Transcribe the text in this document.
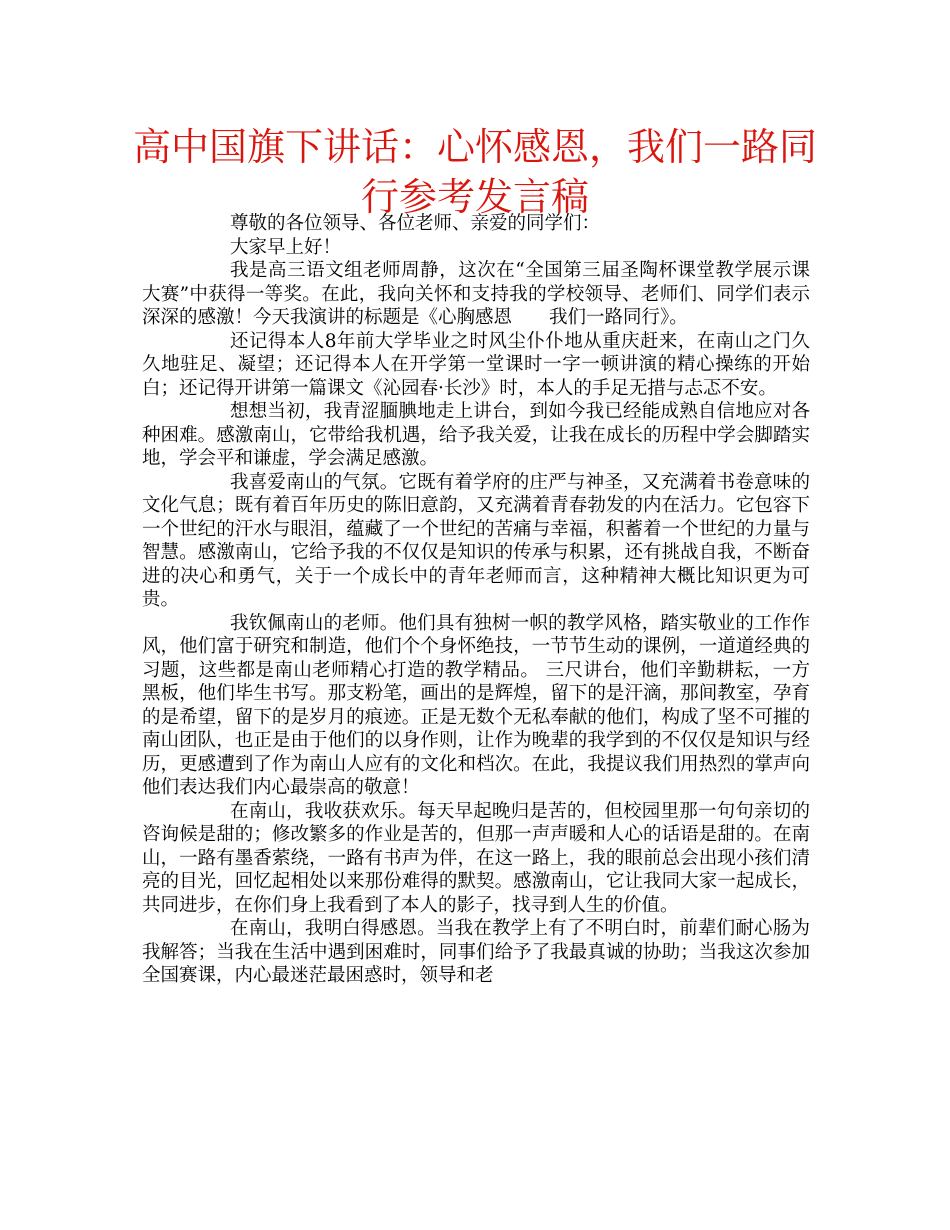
高中国旗下讲话：心怀感恩，我们一路同行参考发言稿

尊敬的各位领导、各位老师、亲爱的同学们：

大家早上好！

我是高三语文组老师周静，这次在“全国第三届圣陶杯课堂教学展示课大赛”中获得一等奖。在此，我向关怀和支持我的学校领导、老师们、同学们表示深深的感激！今天我演讲的标题是《心胸感恩　　我们一路同行》。

还记得本人8年前大学毕业之时风尘仆仆地从重庆赶来，在南山之门久久地驻足、凝望；还记得本人在开学第一堂课时一字一顿讲演的精心操练的开始白；还记得开讲第一篇课文《沁园春·长沙》时，本人的手足无措与忐忑不安。

想想当初，我青涩腼腆地走上讲台，到如今我已经能成熟自信地应对各种困难。感激南山，它带给我机遇，给予我关爱，让我在成长的历程中学会脚踏实地，学会平和谦虚，学会满足感激。

我喜爱南山的气氛。它既有着学府的庄严与神圣，又充满着书卷意味的文化气息；既有着百年历史的陈旧意韵，又充满着青春勃发的内在活力。它包容下一个世纪的汗水与眼泪，蕴藏了一个世纪的苦痛与幸福，积蓄着一个世纪的力量与智慧。感激南山，它给予我的不仅仅是知识的传承与积累，还有挑战自我，不断奋进的决心和勇气，关于一个成长中的青年老师而言，这种精神大概比知识更为可贵。

我钦佩南山的老师。他们具有独树一帜的教学风格，踏实敬业的工作作风，他们富于研究和制造，他们个个身怀绝技，一节节生动的课例，一道道经典的习题，这些都是南山老师精心打造的教学精品。 三尺讲台，他们辛勤耕耘，一方黑板，他们毕生书写。那支粉笔，画出的是辉煌，留下的是汗滴，那间教室，孕育的是希望，留下的是岁月的痕迹。正是无数个无私奉献的他们，构成了坚不可摧的南山团队，也正是由于他们的以身作则，让作为晚辈的我学到的不仅仅是知识与经历，更感遭到了作为南山人应有的文化和档次。在此，我提议我们用热烈的掌声向他们表达我们内心最崇高的敬意！

在南山，我收获欢乐。每天早起晚归是苦的，但校园里那一句句亲切的咨询候是甜的；修改繁多的作业是苦的，但那一声声暖和人心的话语是甜的。在南山，一路有墨香萦绕，一路有书声为伴，在这一路上，我的眼前总会出现小孩们清亮的目光，回忆起相处以来那份难得的默契。感激南山，它让我同大家一起成长，共同进步，在你们身上我看到了本人的影子，找寻到人生的价值。

在南山，我明白得感恩。当我在教学上有了不明白时，前辈们耐心肠为我解答；当我在生活中遇到困难时，同事们给予了我最真诚的协助；当我这次参加全国赛课，内心最迷茫最困惑时，领导和老
